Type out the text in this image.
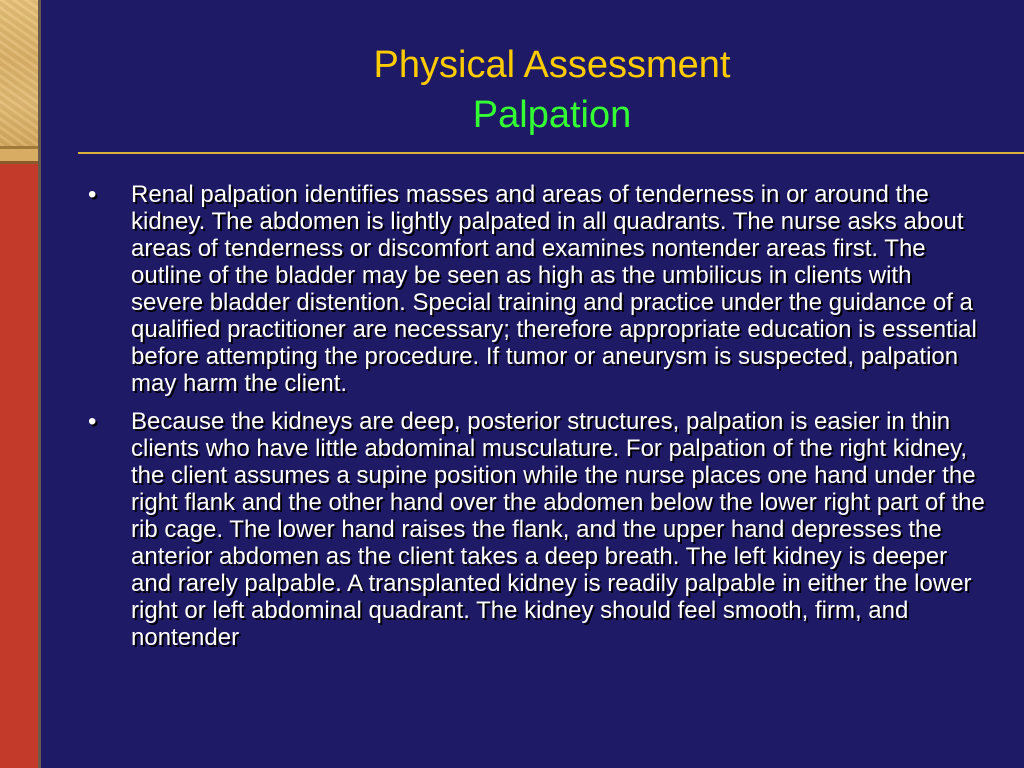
Physical Assessment
Palpation
•	Renal palpation identifies masses and areas of tenderness in or around the kidney. The abdomen is lightly palpated in all quadrants. The nurse asks about areas of tenderness or discomfort and examines nontender areas first. The outline of the bladder may be seen as high as the umbilicus in clients with severe bladder distention. Special training and practice under the guidance of a qualified practitioner are necessary; therefore appropriate education is essential before attempting the procedure. If tumor or aneurysm is suspected, palpation may harm the client.
•	Because the kidneys are deep, posterior structures, palpation is easier in thin clients who have little abdominal musculature. For palpation of the right kidney, the client assumes a supine position while the nurse places one hand under the right flank and the other hand over the abdomen below the lower right part of the rib cage. The lower hand raises the flank, and the upper hand depresses the anterior abdomen as the client takes a deep breath. The left kidney is deeper and rarely palpable. A transplanted kidney is readily palpable in either the lower right or left abdominal quadrant. The kidney should feel smooth, firm, and nontender
